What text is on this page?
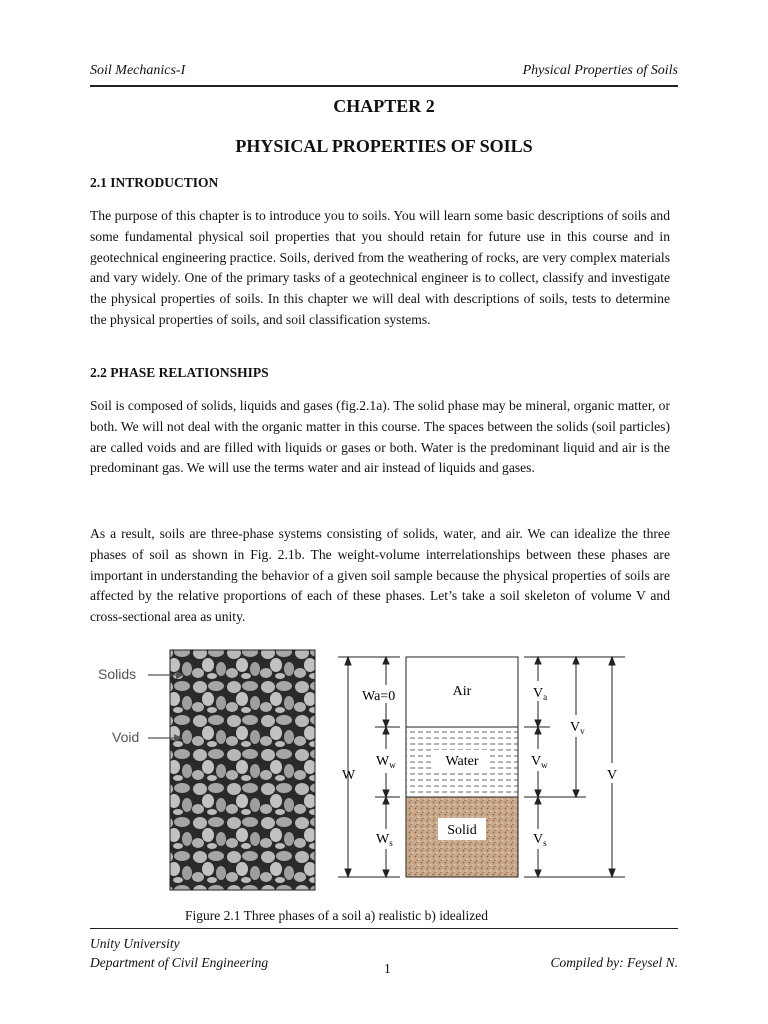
Soil Mechanics-I	Physical Properties of Soils
CHAPTER 2
PHYSICAL PROPERTIES OF SOILS
2.1 INTRODUCTION

The purpose of this chapter is to introduce you to soils. You will learn some basic descriptions of soils and some fundamental physical soil properties that you should retain for future use in this course and in geotechnical engineering practice. Soils, derived from the weathering of rocks, are very complex materials and vary widely. One of the primary tasks of a geotechnical engineer is to collect, classify and investigate the physical properties of soils. In this chapter we will deal with descriptions of soils, tests to determine the physical properties of soils, and soil classification systems.

2.2 PHASE RELATIONSHIPS

Soil is composed of solids, liquids and gases (fig.2.1a). The solid phase may be mineral, organic matter, or both. We will not deal with the organic matter in this course. The spaces between the solids (soil particles) are called voids and are filled with liquids or gases or both. Water is the predominant liquid and air is the predominant gas. We will use the terms water and air instead of liquids and gases.

As a result, soils are three-phase systems consisting of solids, water, and air. We can idealize the three phases of soil as shown in Fig. 2.1b. The weight-volume interrelationships between these phases are important in understanding the behavior of a given soil sample because the physical properties of soils are affected by the relative proportions of each of these phases. Let’s take a soil skeleton of volume V and cross-sectional area as unity.

Solids
Void
Air
Water
Solid
Wa=0
$W_w$
$W_s$
W
$V_a$
$V_v$
$V_w$
$V_s$
V
Figure 2.1 Three phases of a soil a) realistic b) idealized
Unity University
Department of Civil Engineering	1	Compiled by: Feysel N.
